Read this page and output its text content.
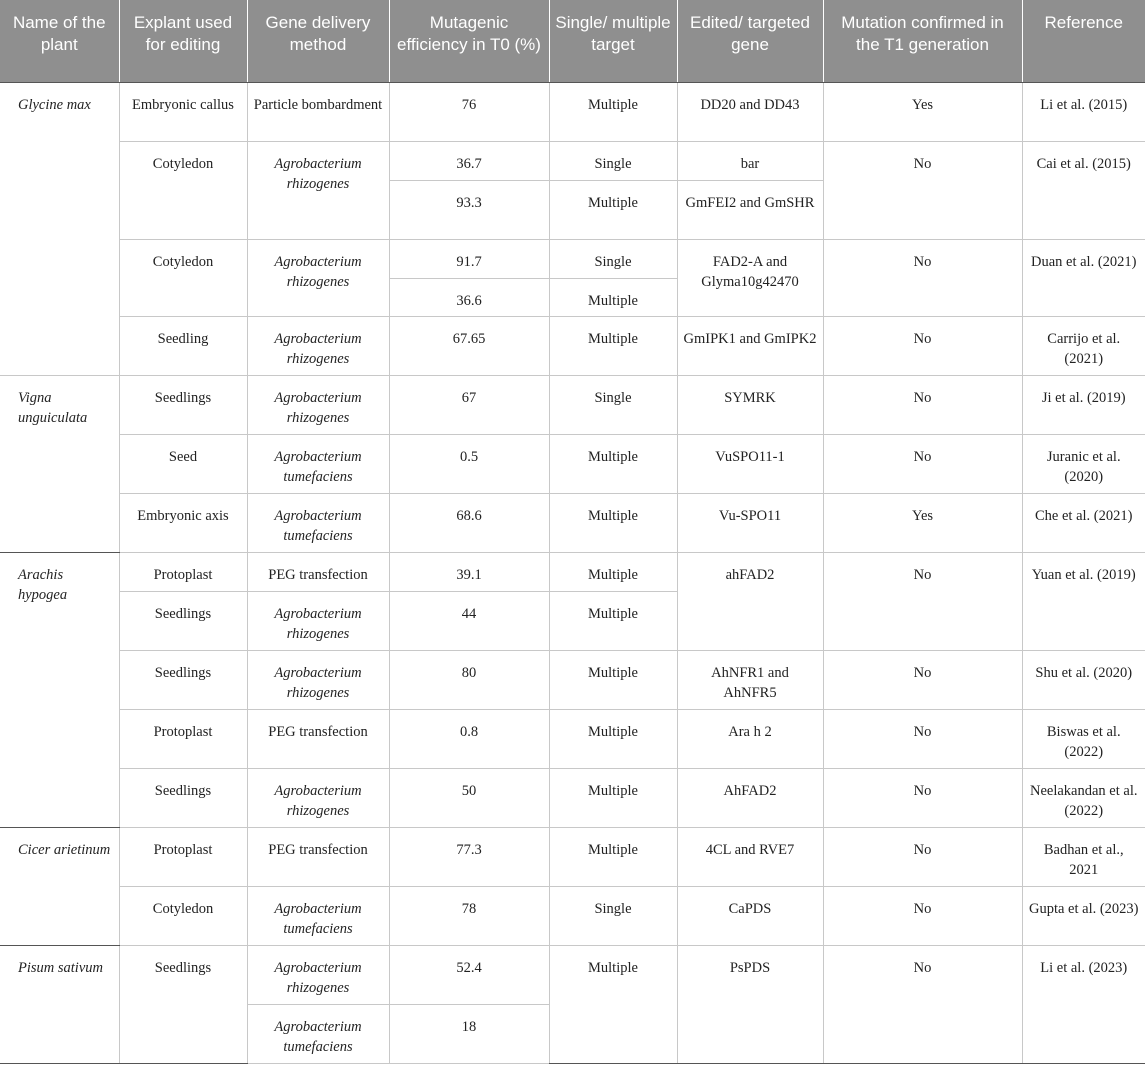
Name of the plant	Explant used for editing	Gene delivery method	Mutagenic efficiency in T0 (%)	Single/ multiple target	Edited/ targeted gene	Mutation confirmed in the T1 generation	Reference
Glycine max	Embryonic callus	Particle bombardment	76	Multiple	DD20 and DD43	Yes	Li et al. (2015)
	Cotyledon	Agrobacterium rhizogenes	36.7	Single	bar	No	Cai et al. (2015)
			93.3	Multiple	GmFEI2 and GmSHR		
	Cotyledon	Agrobacterium rhizogenes	91.7	Single	FAD2-A and Glyma10g42470	No	Duan et al. (2021)
			36.6	Multiple			
	Seedling	Agrobacterium rhizogenes	67.65	Multiple	GmIPK1 and GmIPK2	No	Carrijo et al. (2021)
Vigna unguiculata	Seedlings	Agrobacterium rhizogenes	67	Single	SYMRK	No	Ji et al. (2019)
	Seed	Agrobacterium tumefaciens	0.5	Multiple	VuSPO11-1	No	Juranic et al. (2020)
	Embryonic axis	Agrobacterium tumefaciens	68.6	Multiple	Vu-SPO11	Yes	Che et al. (2021)
Arachis hypogea	Protoplast	PEG transfection	39.1	Multiple	ahFAD2	No	Yuan et al. (2019)
	Seedlings	Agrobacterium rhizogenes	44	Multiple			
	Seedlings	Agrobacterium rhizogenes	80	Multiple	AhNFR1 and AhNFR5	No	Shu et al. (2020)
	Protoplast	PEG transfection	0.8	Multiple	Ara h 2	No	Biswas et al. (2022)
	Seedlings	Agrobacterium rhizogenes	50	Multiple	AhFAD2	No	Neelakandan et al. (2022)
Cicer arietinum	Protoplast	PEG transfection	77.3	Multiple	4CL and RVE7	No	Badhan et al., 2021
	Cotyledon	Agrobacterium tumefaciens	78	Single	CaPDS	No	Gupta et al. (2023)
Pisum sativum	Seedlings	Agrobacterium rhizogenes	52.4	Multiple	PsPDS	No	Li et al. (2023)
		Agrobacterium tumefaciens	18				
